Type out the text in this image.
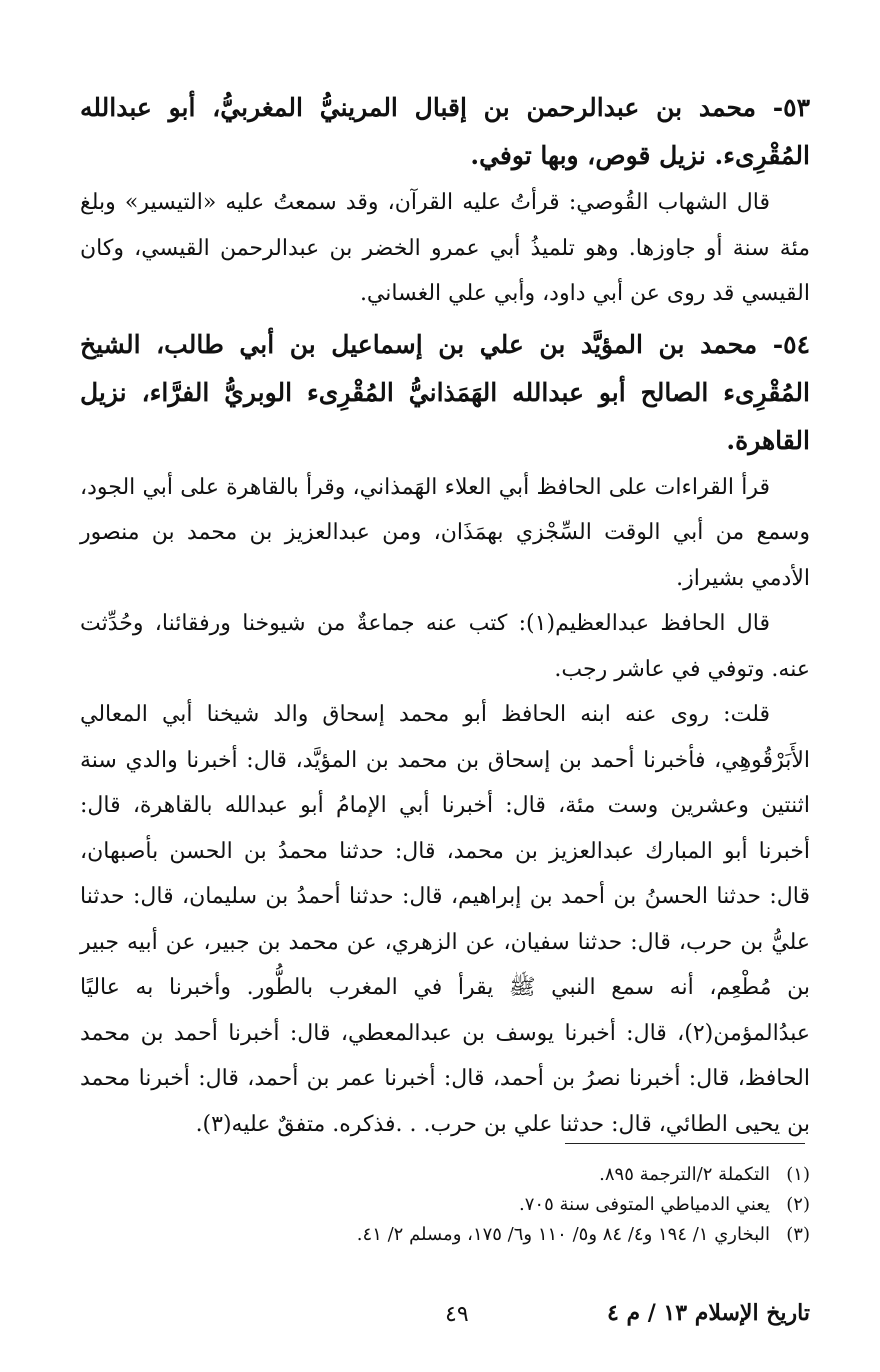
٥٣- محمد بن عبدالرحمن بن إقبال المرينيُّ المغربيُّ، أبو عبدالله المُقْرِىء. نزيل قوص، وبها توفي.

قال الشهاب القُوصي: قرأتُ عليه القرآن، وقد سمعتُ عليه «التيسير» وبلغ مئة سنة أو جاوزها. وهو تلميذُ أبي عمرو الخضر بن عبدالرحمن القيسي، وكان القيسي قد روى عن أبي داود، وأبي علي الغساني.

٥٤- محمد بن المؤيَّد بن علي بن إسماعيل بن أبي طالب، الشيخ المُقْرِىء الصالح أبو عبدالله الهَمَذانيُّ المُقْرِىء الوبريُّ الفرَّاء، نزيل القاهرة.

قرأ القراءات على الحافظ أبي العلاء الهَمذاني، وقرأ بالقاهرة على أبي الجود، وسمع من أبي الوقت السِّجْزي بهمَذَان، ومن عبدالعزيز بن محمد بن منصور الأدمي بشيراز.

قال الحافظ عبدالعظيم(١): كتب عنه جماعةٌ من شيوخنا ورفقائنا، وحُدِّثت عنه. وتوفي في عاشر رجب.

قلت: روى عنه ابنه الحافظ أبو محمد إسحاق والد شيخنا أبي المعالي الأَبَرْقُوهِي، فأخبرنا أحمد بن إسحاق بن محمد بن المؤيَّد، قال: أخبرنا والدي سنة اثنتين وعشرين وست مئة، قال: أخبرنا أبي الإمامُ أبو عبدالله بالقاهرة، قال: أخبرنا أبو المبارك عبدالعزيز بن محمد، قال: حدثنا محمدُ بن الحسن بأصبهان، قال: حدثنا الحسنُ بن أحمد بن إبراهيم، قال: حدثنا أحمدُ بن سليمان، قال: حدثنا عليُّ بن حرب، قال: حدثنا سفيان، عن الزهري، عن محمد بن جبير، عن أبيه جبير بن مُطْعِم، أنه سمع النبي ﷺ يقرأ في المغرب بالطُّور. وأخبرنا به عاليًا عبدُالمؤمن(٢)، قال: أخبرنا يوسف بن عبدالمعطي، قال: أخبرنا أحمد بن محمد الحافظ، قال: أخبرنا نصرُ بن أحمد، قال: أخبرنا عمر بن أحمد، قال: أخبرنا محمد بن يحيى الطائي، قال: حدثنا علي بن حرب. . .فذكره. متفقٌ عليه(٣).

(١)التكملة ٢/الترجمة ٨٩٥.

(٢)يعني الدمياطي المتوفى سنة ٧٠٥.

(٣)البخاري ١/ ١٩٤ و٤/ ٨٤ و٥/ ١١٠ و٦/ ١٧٥، ومسلم ٢/ ٤١.

تاريخ الإسلام ١٣ / م ٤
٤٩
